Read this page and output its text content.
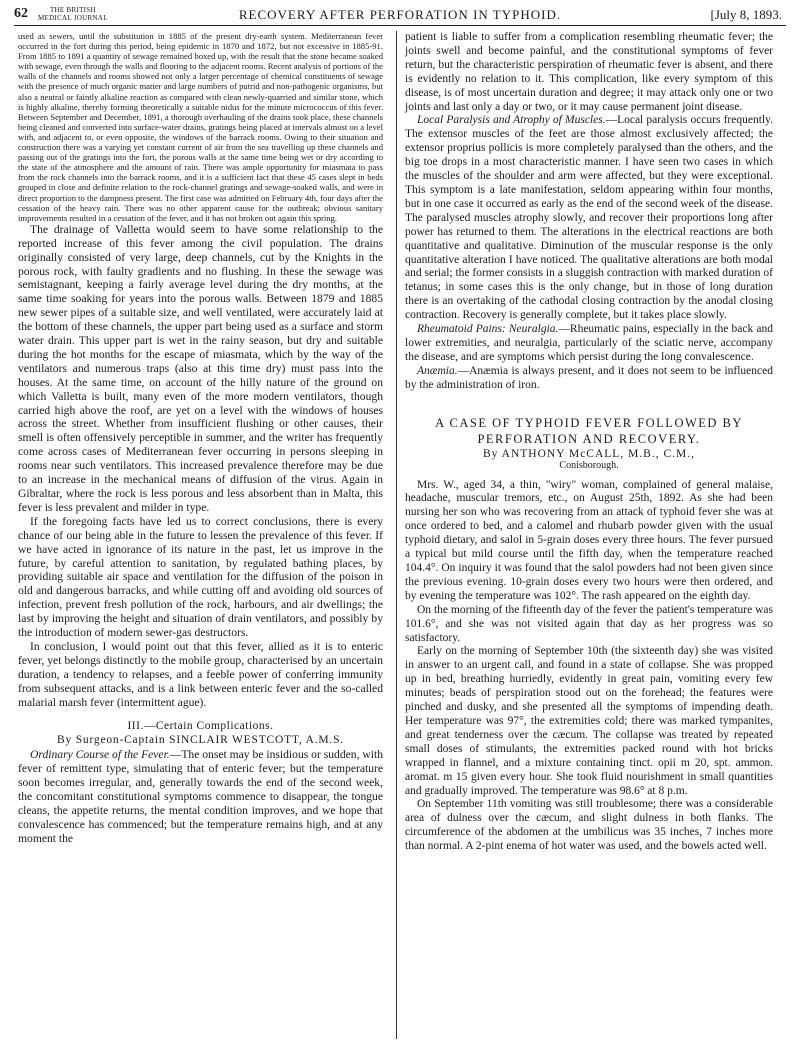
62	THE BRITISH
MEDICAL JOURNAL	RECOVERY AFTER PERFORATION IN TYPHOID.	[July 8, 1893.

used as sewers, until the substitution in 1885 of the present dry-earth system. Mediterranean fever occurred in the fort during this period, being epidemic in 1870 and 1872, but not excessive in 1885-91. From 1885 to 1891 a quantity of sewage remained boxed up, with the result that the stone became soaked with sewage, even through the walls and flooring to the adjacent rooms. Recent analysis of portions of the walls of the channels and rooms showed not only a larger percentage of chemical constituents of sewage with the presence of much organic matter and large numbers of putrid and non-pathogenic organisms, but also a neutral or faintly alkaline reaction as compared with clean newly-quarried and similar stone, which is highly alkaline, thereby forming theoretically a suitable nidus for the minute micrococcus of this fever. Between September and December, 1891, a thorough overhauling of the drains took place, these channels being cleaned and converted into surface-water drains, gratings being placed at intervals almost on a level with, and adjacent to, or even opposite, the windows of the barrack rooms. Owing to their situation and construction there was a varying yet constant current of air from the sea travelling up these channels and passing out of the gratings into the fort, the porous walls at the same time being wet or dry according to the state of the atmosphere and the amount of rain. There was ample opportunity for miasmata to pass from the rock channels into the barrack rooms, and it is a sufficient fact that these 45 cases slept in beds grouped in close and definite relation to the rock-channel gratings and sewage-soaked walls, and were in direct proportion to the dampness present. The first case was admitted on February 4th, four days after the cessation of the heavy rain. There was no other apparent cause for the outbreak; obvious sanitary improvements resulted in a cessation of the fever, and it has not broken out again this spring.

The drainage of Valletta would seem to have some relationship to the reported increase of this fever among the civil population. The drains originally consisted of very large, deep channels, cut by the Knights in the porous rock, with faulty gradients and no flushing. In these the sewage was semistagnant, keeping a fairly average level during the dry months, at the same time soaking for years into the porous walls. Between 1879 and 1885 new sewer pipes of a suitable size, and well ventilated, were accurately laid at the bottom of these channels, the upper part being used as a surface and storm water drain. This upper part is wet in the rainy season, but dry and suitable during the hot months for the escape of miasmata, which by the way of the ventilators and numerous traps (also at this time dry) must pass into the houses. At the same time, on account of the hilly nature of the ground on which Valletta is built, many even of the more modern ventilators, though carried high above the roof, are yet on a level with the windows of houses across the street. Whether from insufficient flushing or other causes, their smell is often offensively perceptible in summer, and the writer has frequently come across cases of Mediterranean fever occurring in persons sleeping in rooms near such ventilators. This increased prevalence therefore may be due to an increase in the mechanical means of diffusion of the virus. Again in Gibraltar, where the rock is less porous and less absorbent than in Malta, this fever is less prevalent and milder in type.

If the foregoing facts have led us to correct conclusions, there is every chance of our being able in the future to lessen the prevalence of this fever. If we have acted in ignorance of its nature in the past, let us improve in the future, by careful attention to sanitation, by regulated bathing places, by providing suitable air space and ventilation for the diffusion of the poison in old and dangerous barracks, and while cutting off and avoiding old sources of infection, prevent fresh pollution of the rock, harbours, and air dwellings; the last by improving the height and situation of drain ventilators, and possibly by the introduction of modern sewer-gas destructors.

In conclusion, I would point out that this fever, allied as it is to enteric fever, yet belongs distinctly to the mobile group, characterised by an uncertain duration, a tendency to relapses, and a feeble power of conferring immunity from subsequent attacks, and is a link between enteric fever and the so-called malarial marsh fever (intermittent ague).

III.—Certain Complications.
By Surgeon-Captain SINCLAIR WESTCOTT, A.M.S.

Ordinary Course of the Fever.—The onset may be insidious or sudden, with fever of remittent type, simulating that of enteric fever; but the temperature soon becomes irregular, and, generally towards the end of the second week, the concomitant constitutional symptoms commence to disappear, the tongue cleans, the appetite returns, the mental condition improves, and we hope that convalescence has commenced; but the temperature remains high, and at any moment the

patient is liable to suffer from a complication resembling rheumatic fever; the joints swell and become painful, and the constitutional symptoms of fever return, but the characteristic perspiration of rheumatic fever is absent, and there is evidently no relation to it. This complication, like every symptom of this disease, is of most uncertain duration and degree; it may attack only one or two joints and last only a day or two, or it may cause permanent joint disease.

Local Paralysis and Atrophy of Muscles.—Local paralysis occurs frequently. The extensor muscles of the feet are those almost exclusively affected; the extensor proprius pollicis is more completely paralysed than the others, and the big toe drops in a most characteristic manner. I have seen two cases in which the muscles of the shoulder and arm were affected, but they were exceptional. This symptom is a late manifestation, seldom appearing within four months, but in one case it occurred as early as the end of the second week of the disease. The paralysed muscles atrophy slowly, and recover their proportions long after power has returned to them. The alterations in the electrical reactions are both quantitative and qualitative. Diminution of the muscular response is the only quantitative alteration I have noticed. The qualitative alterations are both modal and serial; the former consists in a sluggish contraction with marked duration of tetanus; in some cases this is the only change, but in those of long duration there is an overtaking of the cathodal closing contraction by the anodal closing contraction. Recovery is generally complete, but it takes place slowly.

Rheumatoid Pains: Neuralgia.—Rheumatic pains, especially in the back and lower extremities, and neuralgia, particularly of the sciatic nerve, accompany the disease, and are symptoms which persist during the long convalescence.

Anæmia.—Anæmia is always present, and it does not seem to be influenced by the administration of iron.

A CASE OF TYPHOID FEVER FOLLOWED BY
PERFORATION AND RECOVERY.
By ANTHONY McCALL, M.B., C.M.,
Conisborough.

Mrs. W., aged 34, a thin, "wiry" woman, complained of general malaise, headache, muscular tremors, etc., on August 25th, 1892. As she had been nursing her son who was recovering from an attack of typhoid fever she was at once ordered to bed, and a calomel and rhubarb powder given with the usual typhoid dietary, and salol in 5-grain doses every three hours. The fever pursued a typical but mild course until the fifth day, when the temperature reached 104.4°. On inquiry it was found that the salol powders had not been given since the previous evening. 10-grain doses every two hours were then ordered, and by evening the temperature was 102°. The rash appeared on the eighth day.

On the morning of the fifteenth day of the fever the patient's temperature was 101.6°, and she was not visited again that day as her progress was so satisfactory.

Early on the morning of September 10th (the sixteenth day) she was visited in answer to an urgent call, and found in a state of collapse. She was propped up in bed, breathing hurriedly, evidently in great pain, vomiting every few minutes; beads of perspiration stood out on the forehead; the features were pinched and dusky, and she presented all the symptoms of impending death. Her temperature was 97°, the extremities cold; there was marked tympanites, and great tenderness over the cæcum. The collapse was treated by repeated small doses of stimulants, the extremities packed round with hot bricks wrapped in flannel, and a mixture containing tinct. opii m 20, spt. ammon. aromat. m 15 given every hour. She took fluid nourishment in small quantities and gradually improved. The temperature was 98.6° at 8 p.m.

On September 11th vomiting was still troublesome; there was a considerable area of dulness over the cæcum, and slight dulness in both flanks. The circumference of the abdomen at the umbilicus was 35 inches, 7 inches more than normal. A 2-pint enema of hot water was used, and the bowels acted well.
